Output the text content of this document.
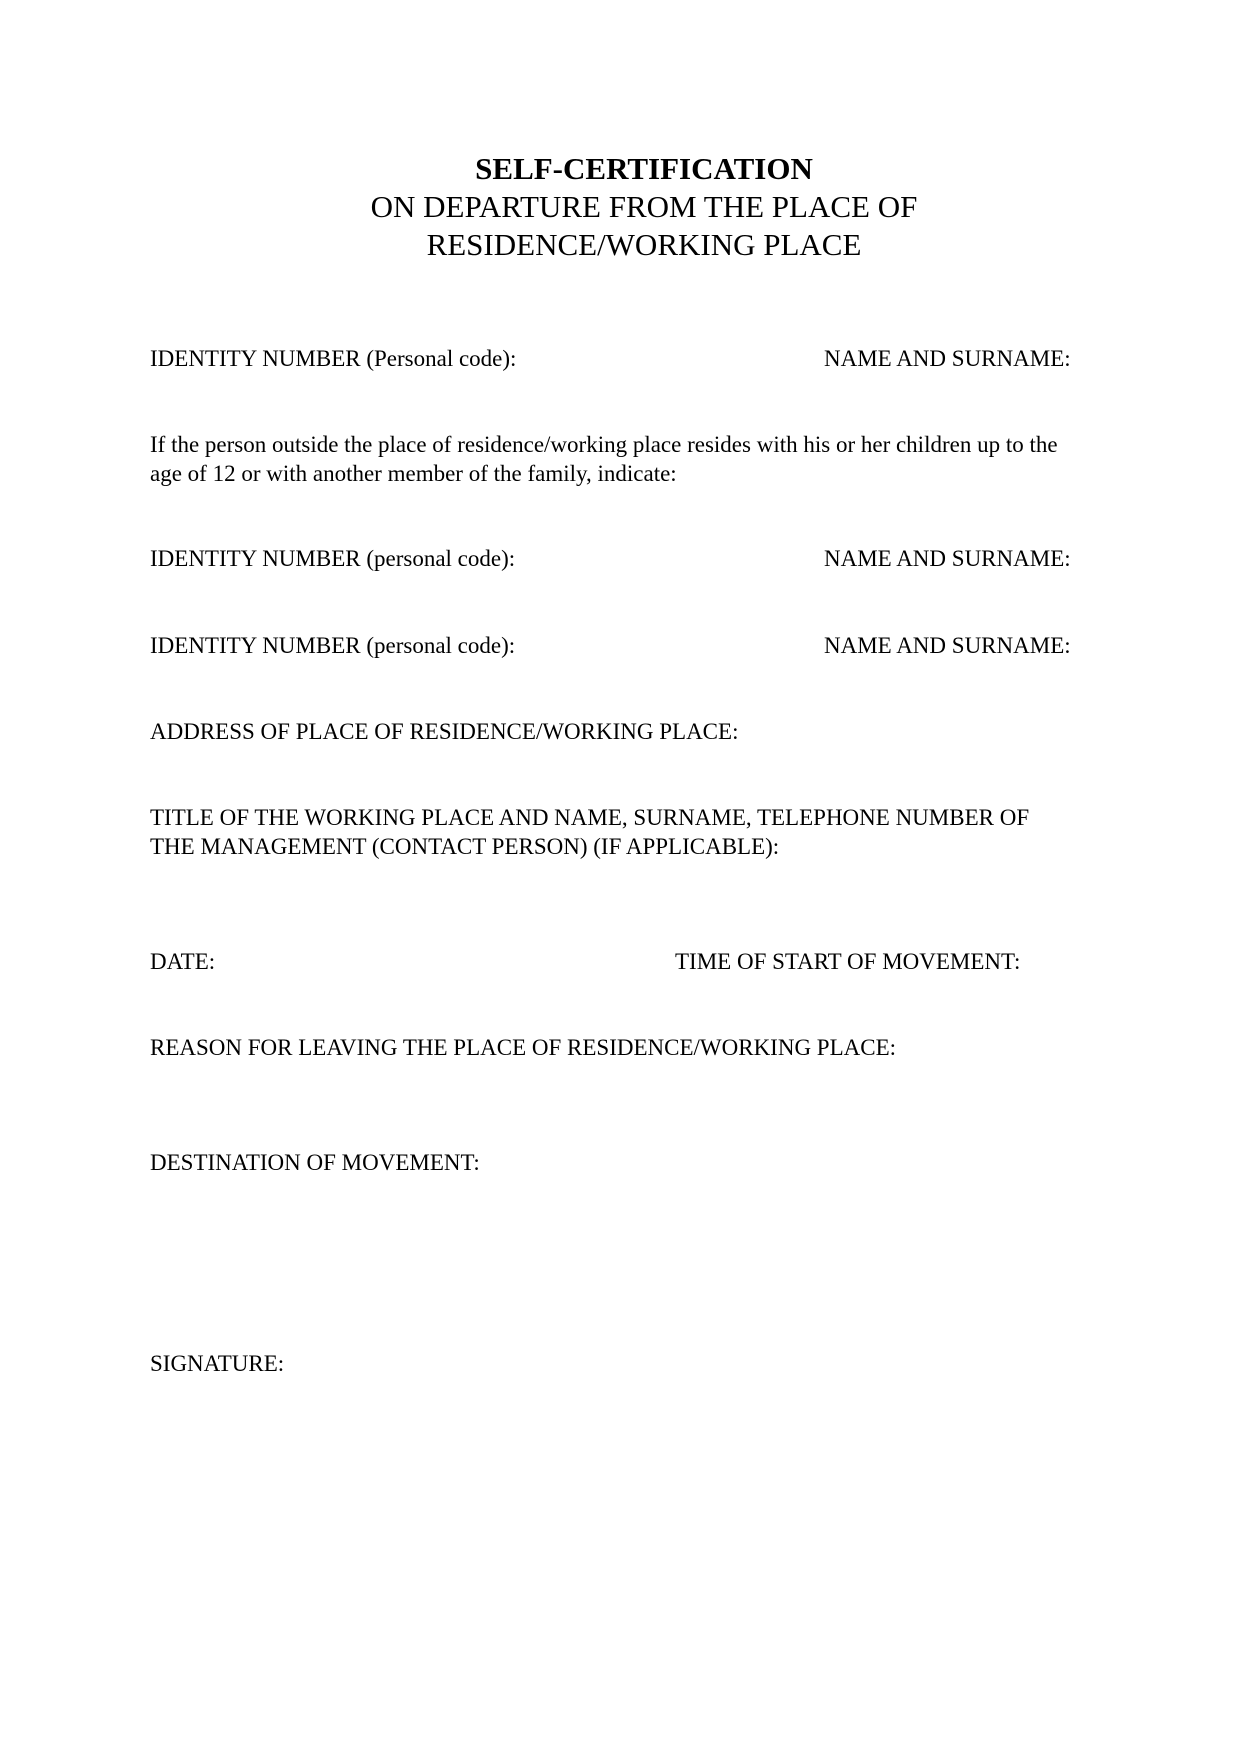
SELF-CERTIFICATION
ON DEPARTURE FROM THE PLACE OF
RESIDENCE/WORKING PLACE
IDENTITY NUMBER (Personal code):	NAME AND SURNAME:
If the person outside the place of residence/working place resides with his or her children up to the
age of 12 or with another member of the family, indicate:
IDENTITY NUMBER (personal code):	NAME AND SURNAME:
IDENTITY NUMBER (personal code):	NAME AND SURNAME:
ADDRESS OF PLACE OF RESIDENCE/WORKING PLACE:
TITLE OF THE WORKING PLACE AND NAME, SURNAME, TELEPHONE NUMBER OF
THE MANAGEMENT (CONTACT PERSON) (IF APPLICABLE):
DATE:	TIME OF START OF MOVEMENT:
REASON FOR LEAVING THE PLACE OF RESIDENCE/WORKING PLACE:
DESTINATION OF MOVEMENT:
SIGNATURE:
